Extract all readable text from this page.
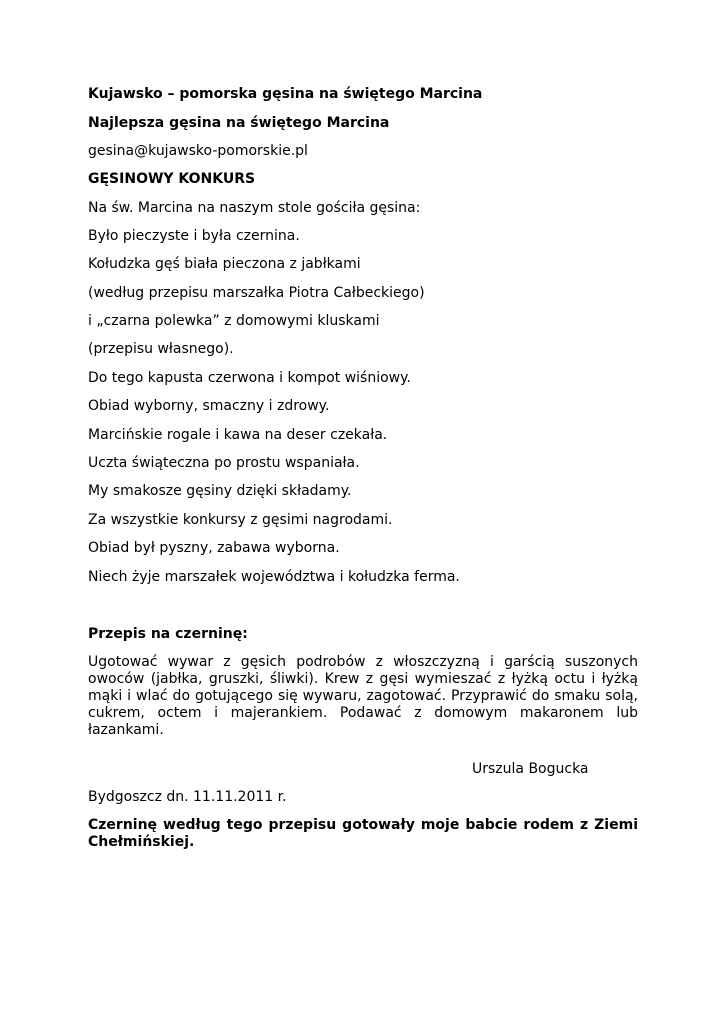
Kujawsko – pomorska gęsina na świętego Marcina
Najlepsza gęsina na świętego Marcina
gesina@kujawsko-pomorskie.pl
GĘSINOWY KONKURS
Na św. Marcina na naszym stole gościła gęsina:
Było pieczyste i była czernina.
Kołudzka gęś biała pieczona z jabłkami
(według przepisu marszałka Piotra Całbeckiego)
i „czarna polewka” z domowymi kluskami
(przepisu własnego).
Do tego kapusta czerwona i kompot wiśniowy.
Obiad wyborny, smaczny i zdrowy.
Marcińskie rogale i kawa na deser czekała.
Uczta świąteczna po prostu wspaniała.
My smakosze gęsiny dzięki składamy.
Za wszystkie konkursy z gęsimi nagrodami.
Obiad był pyszny, zabawa wyborna.
Niech żyje marszałek województwa i kołudzka ferma.
Przepis na czerninę:
Ugotować wywar z gęsich podrobów z włoszczyzną i garścią suszonych owoców (jabłka, gruszki, śliwki). Krew z gęsi wymieszać z łyżką octu i łyżką mąki i wlać do gotującego się wywaru, zagotować. Przyprawić do smaku solą, cukrem, octem i majerankiem. Podawać z domowym makaronem lub łazankami.
Urszula Bogucka
Bydgoszcz dn. 11.11.2011 r.
Czerninę według tego przepisu gotowały moje babcie rodem z Ziemi Chełmińskiej.
